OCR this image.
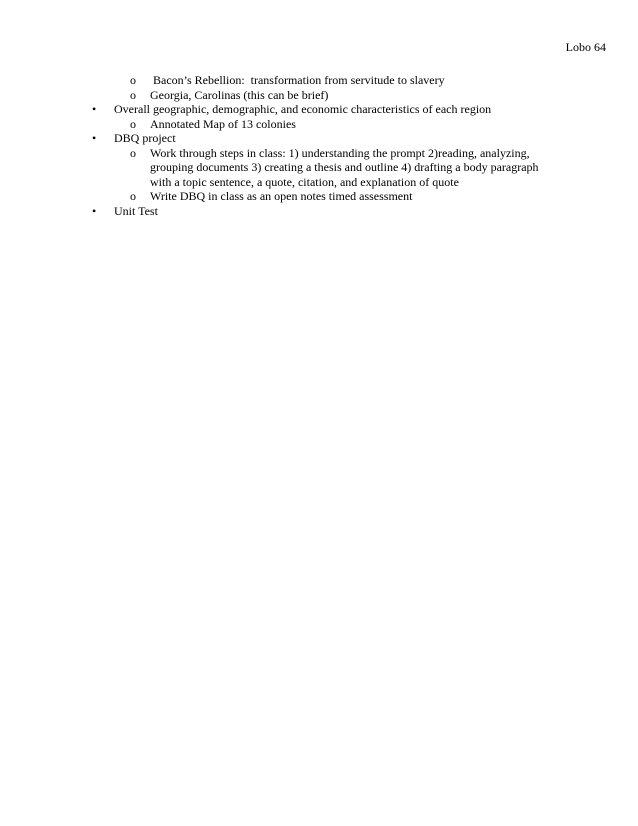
Lobo 64
o Bacon’s Rebellion:  transformation from servitude to slavery
o Georgia, Carolinas (this can be brief)
• Overall geographic, demographic, and economic characteristics of each region
o Annotated Map of 13 colonies
• DBQ project
o Work through steps in class: 1) understanding the prompt 2)reading, analyzing,
grouping documents 3) creating a thesis and outline 4) drafting a body paragraph
with a topic sentence, a quote, citation, and explanation of quote
o Write DBQ in class as an open notes timed assessment
• Unit Test
